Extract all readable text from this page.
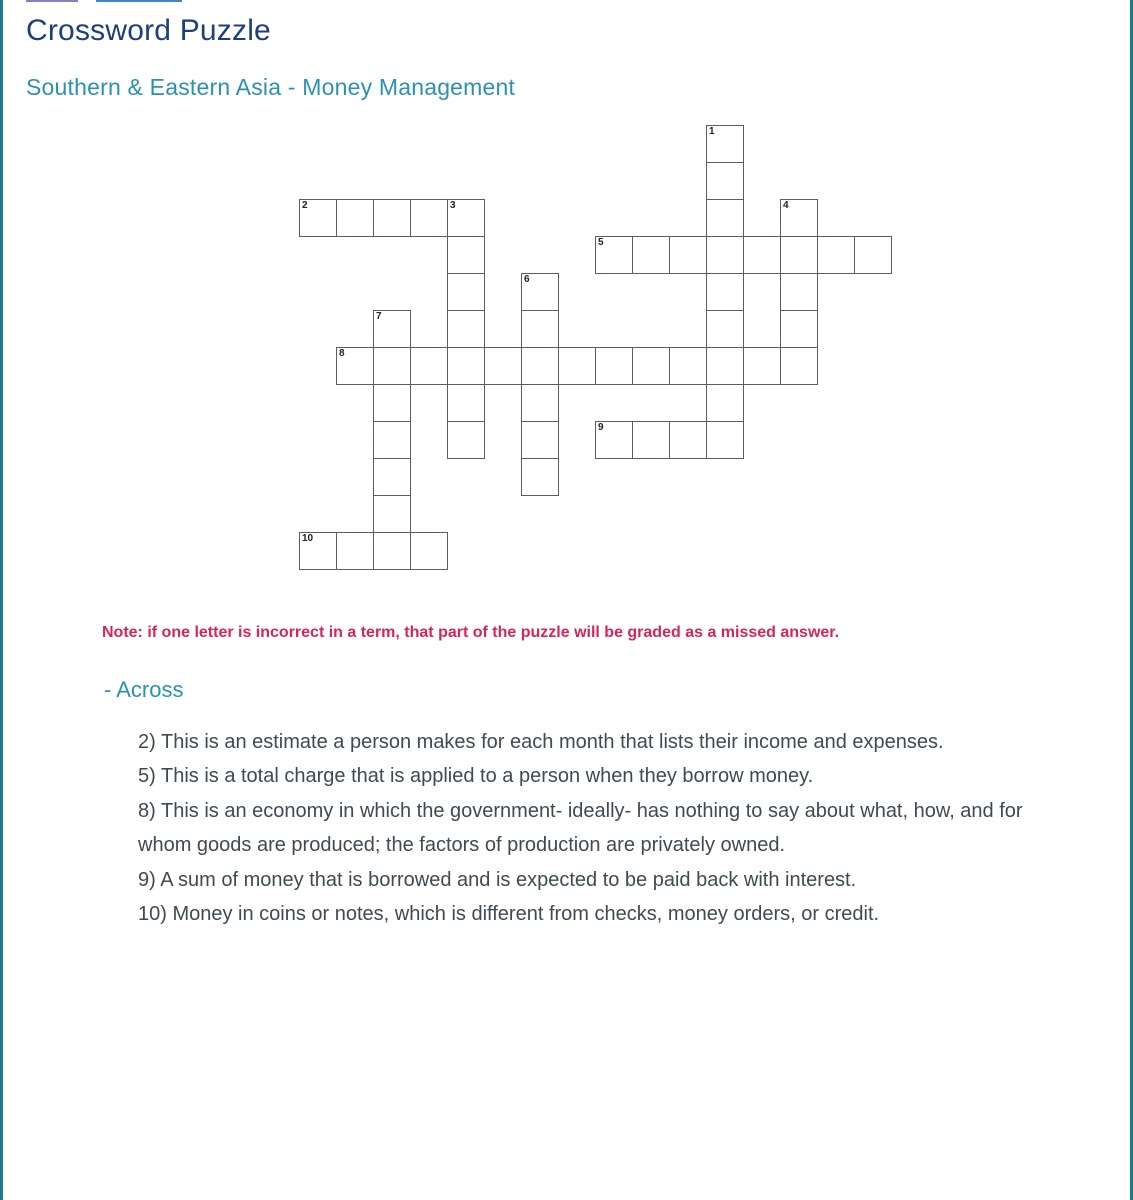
Crossword Puzzle
Southern & Eastern Asia - Money Management
1
2	3	4
5
6
7
8
9
10

Note: if one letter is incorrect in a term, that part of the puzzle will be graded as a missed answer.

- Across

2) This is an estimate a person makes for each month that lists their income and expenses.

5) This is a total charge that is applied to a person when they borrow money.

8) This is an economy in which the government- ideally- has nothing to say about what, how, and for whom goods are produced; the factors of production are privately owned.

9) A sum of money that is borrowed and is expected to be paid back with interest.

10) Money in coins or notes, which is different from checks, money orders, or credit.
